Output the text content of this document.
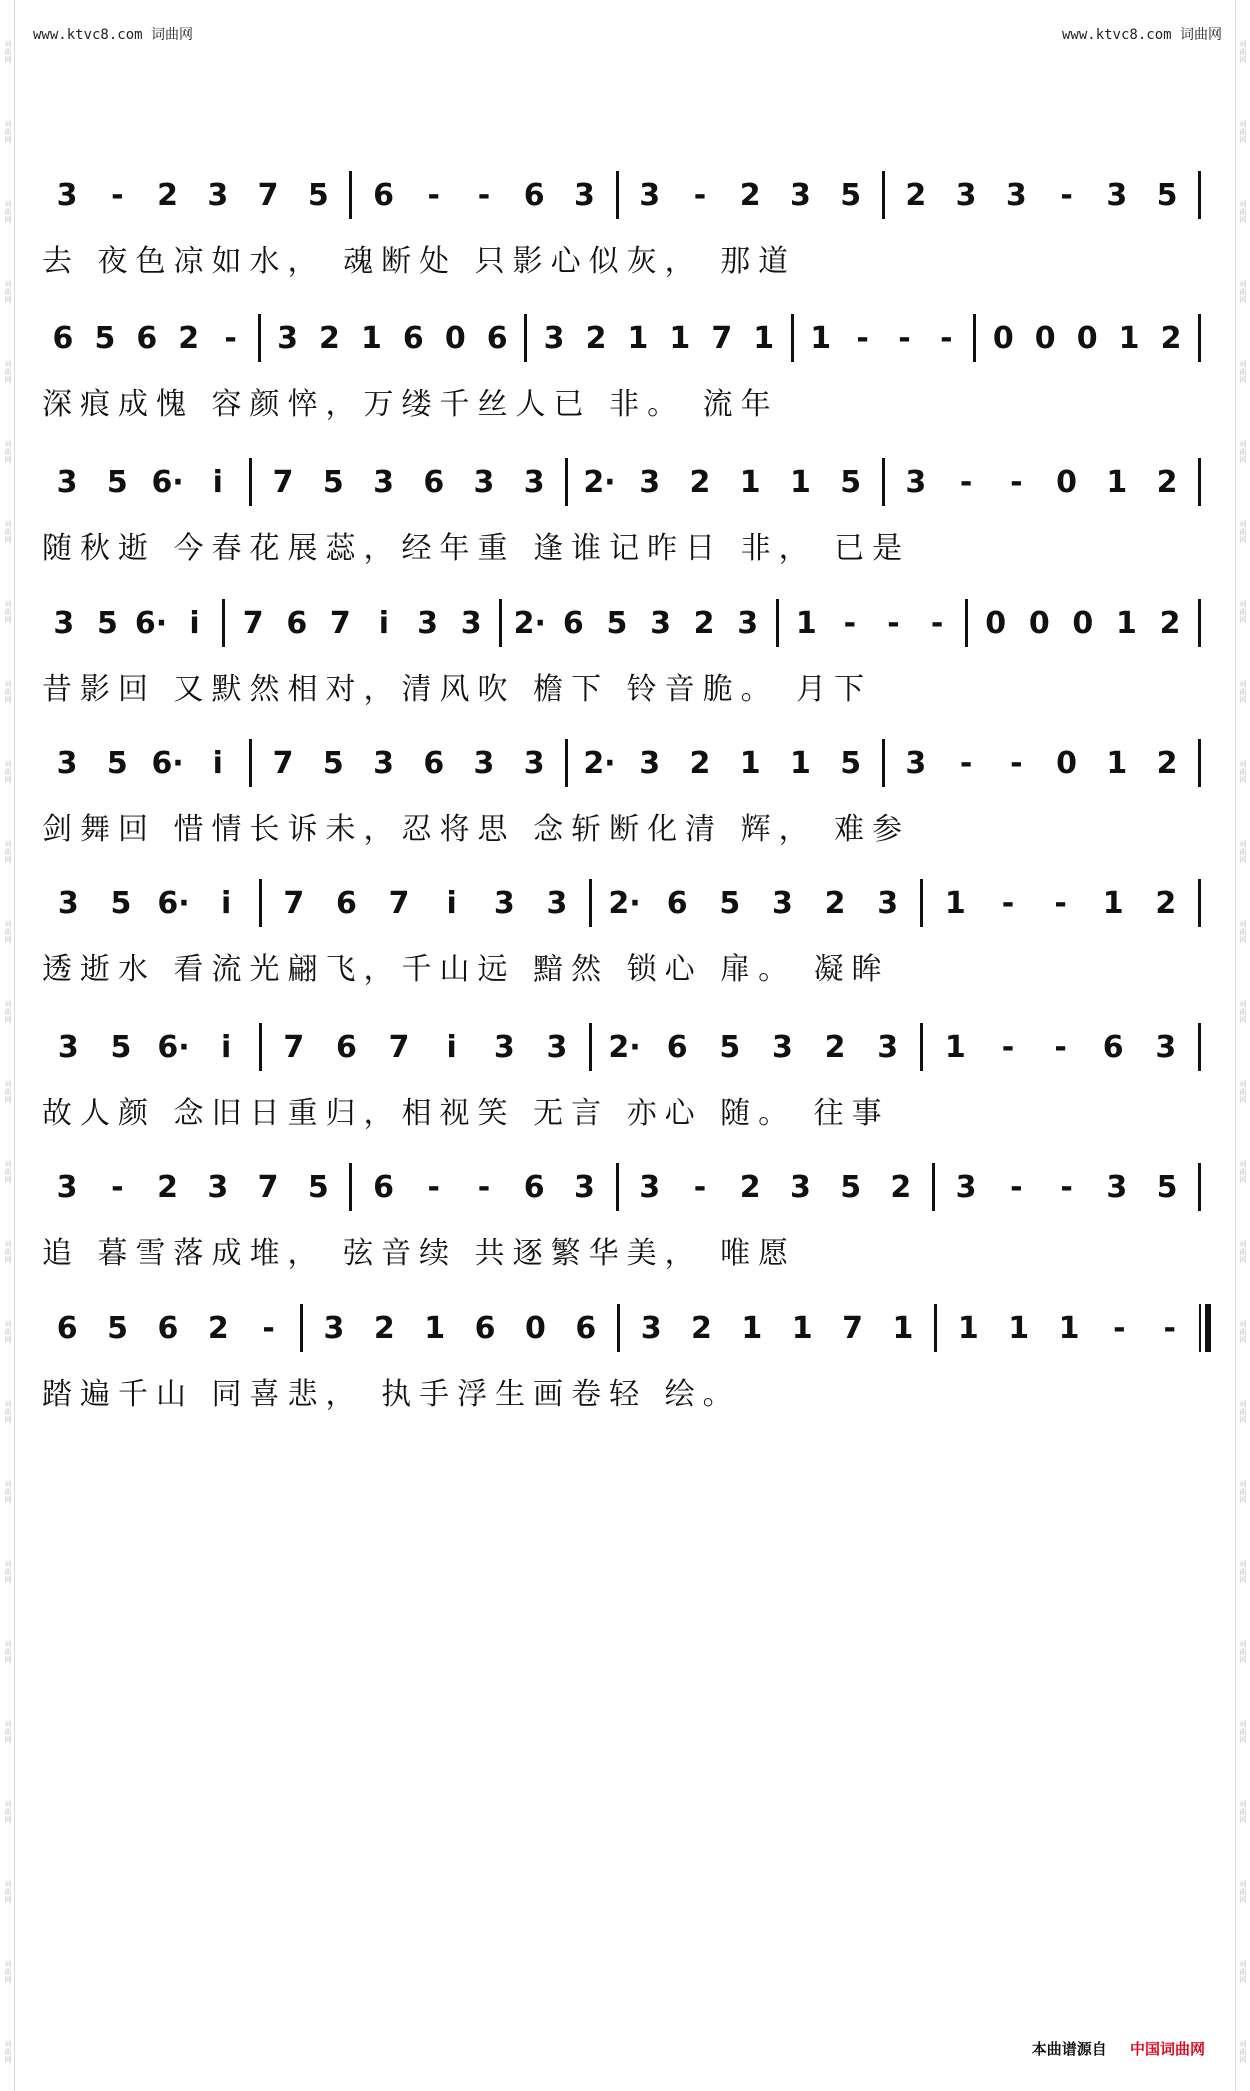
词曲网
词曲网
词曲网
词曲网
词曲网
词曲网
词曲网
词曲网
词曲网
词曲网
词曲网
词曲网
词曲网
词曲网
词曲网
词曲网
词曲网
词曲网
词曲网
词曲网
词曲网
词曲网
词曲网
词曲网
词曲网
词曲网
词曲网
词曲网
词曲网
词曲网
词曲网
词曲网
词曲网
词曲网
词曲网
词曲网
词曲网
词曲网
词曲网
词曲网
词曲网
词曲网
词曲网
词曲网
词曲网
词曲网
词曲网
词曲网
词曲网
词曲网
词曲网
词曲网
www.ktvc8.com 词曲网	www.ktvc8.com 词曲网
3	-	2 3 7 5	6	-	-	6 3	3	-	2 3 5	2 3 3	-	3 5
去 夜色凉如水， 魂断处 只影心似灰， 那道
6 5 6 2 -	3 2 1 6 0 6	3 2 1 1 7 1	1 - - -	0 0 0 1 2
深痕成愧 容颜悴，万缕千丝人已 非。 流年
3 5 6· i	7 5 3 6 3 3	2· 3 2 1 1 5	3	-	-	0 1 2
随秋逝 今春花展蕊，经年重 逢谁记昨日 非， 已是
3 5 6· i	7 6 7 i 3 3	2· 6 5 3 2 3	1 -	-	-	0 0 0 1 2
昔影回 又默然相对，清风吹 檐下 铃音脆。 月下
3 5 6· i	7 5 3 6 3 3	2· 3 2 1 1 5	3	-	-	0 1 2
剑舞回 惜情长诉未，忍将思 念斩断化清 辉， 难参
3	5 6·	i	7	6	7	i	3	3	2· 6	5	3	2	3	1	-	-	1	2
透逝水 看流光翩飞，千山远 黯然 锁心 扉。 凝眸
3	5 6·	i	7	6	7	i	3	3	2· 6	5	3	2	3	1	-	-	6	3
故人颜 念旧日重归，相视笑 无言 亦心 随。 往事
3	-	2 3 7 5	6	-	-	6 3	3	-	2 3 5 2	3	-	-	3 5
追 暮雪落成堆， 弦音续 共逐繁华美， 唯愿
6 5 6 2	-	3 2 1 6 0 6	3 2 1 1 7 1	1 1 1	-	-
踏遍千山 同喜悲， 执手浮生画卷轻 绘。
本曲谱源自 中国词曲网
